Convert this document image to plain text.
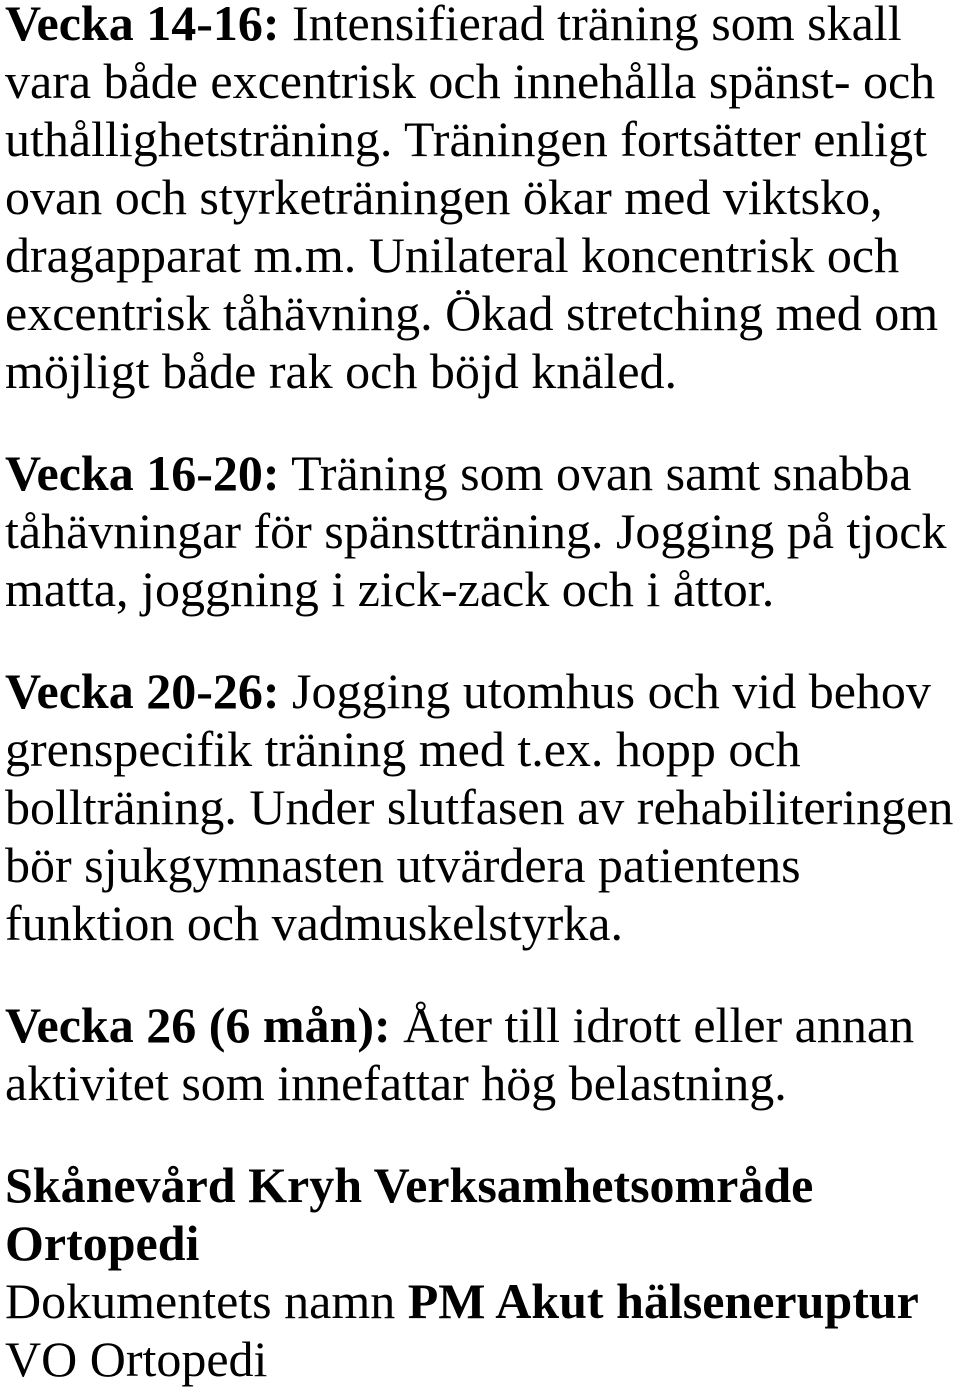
Vecka 14-16: Intensifierad träning som skall
vara både excentrisk och innehålla spänst- och
uthållighetsträning. Träningen fortsätter enligt
ovan och styrketräningen ökar med viktsko,
dragapparat m.m. Unilateral koncentrisk och
excentrisk tåhävning. Ökad stretching med om
möjligt både rak och böjd knäled.
Vecka 16-20: Träning som ovan samt snabba
tåhävningar för spänstträning. Jogging på tjock
matta, joggning i zick-zack och i åttor.
Vecka 20-26: Jogging utomhus och vid behov
grenspecifik träning med t.ex. hopp och
bollträning. Under slutfasen av rehabiliteringen
bör sjukgymnasten utvärdera patientens
funktion och vadmuskelstyrka.
Vecka 26 (6 mån): Åter till idrott eller annan
aktivitet som innefattar hög belastning.
Skånevård Kryh Verksamhetsområde
Ortopedi
Dokumentets namn PM Akut hälseneruptur
VO Ortopedi
